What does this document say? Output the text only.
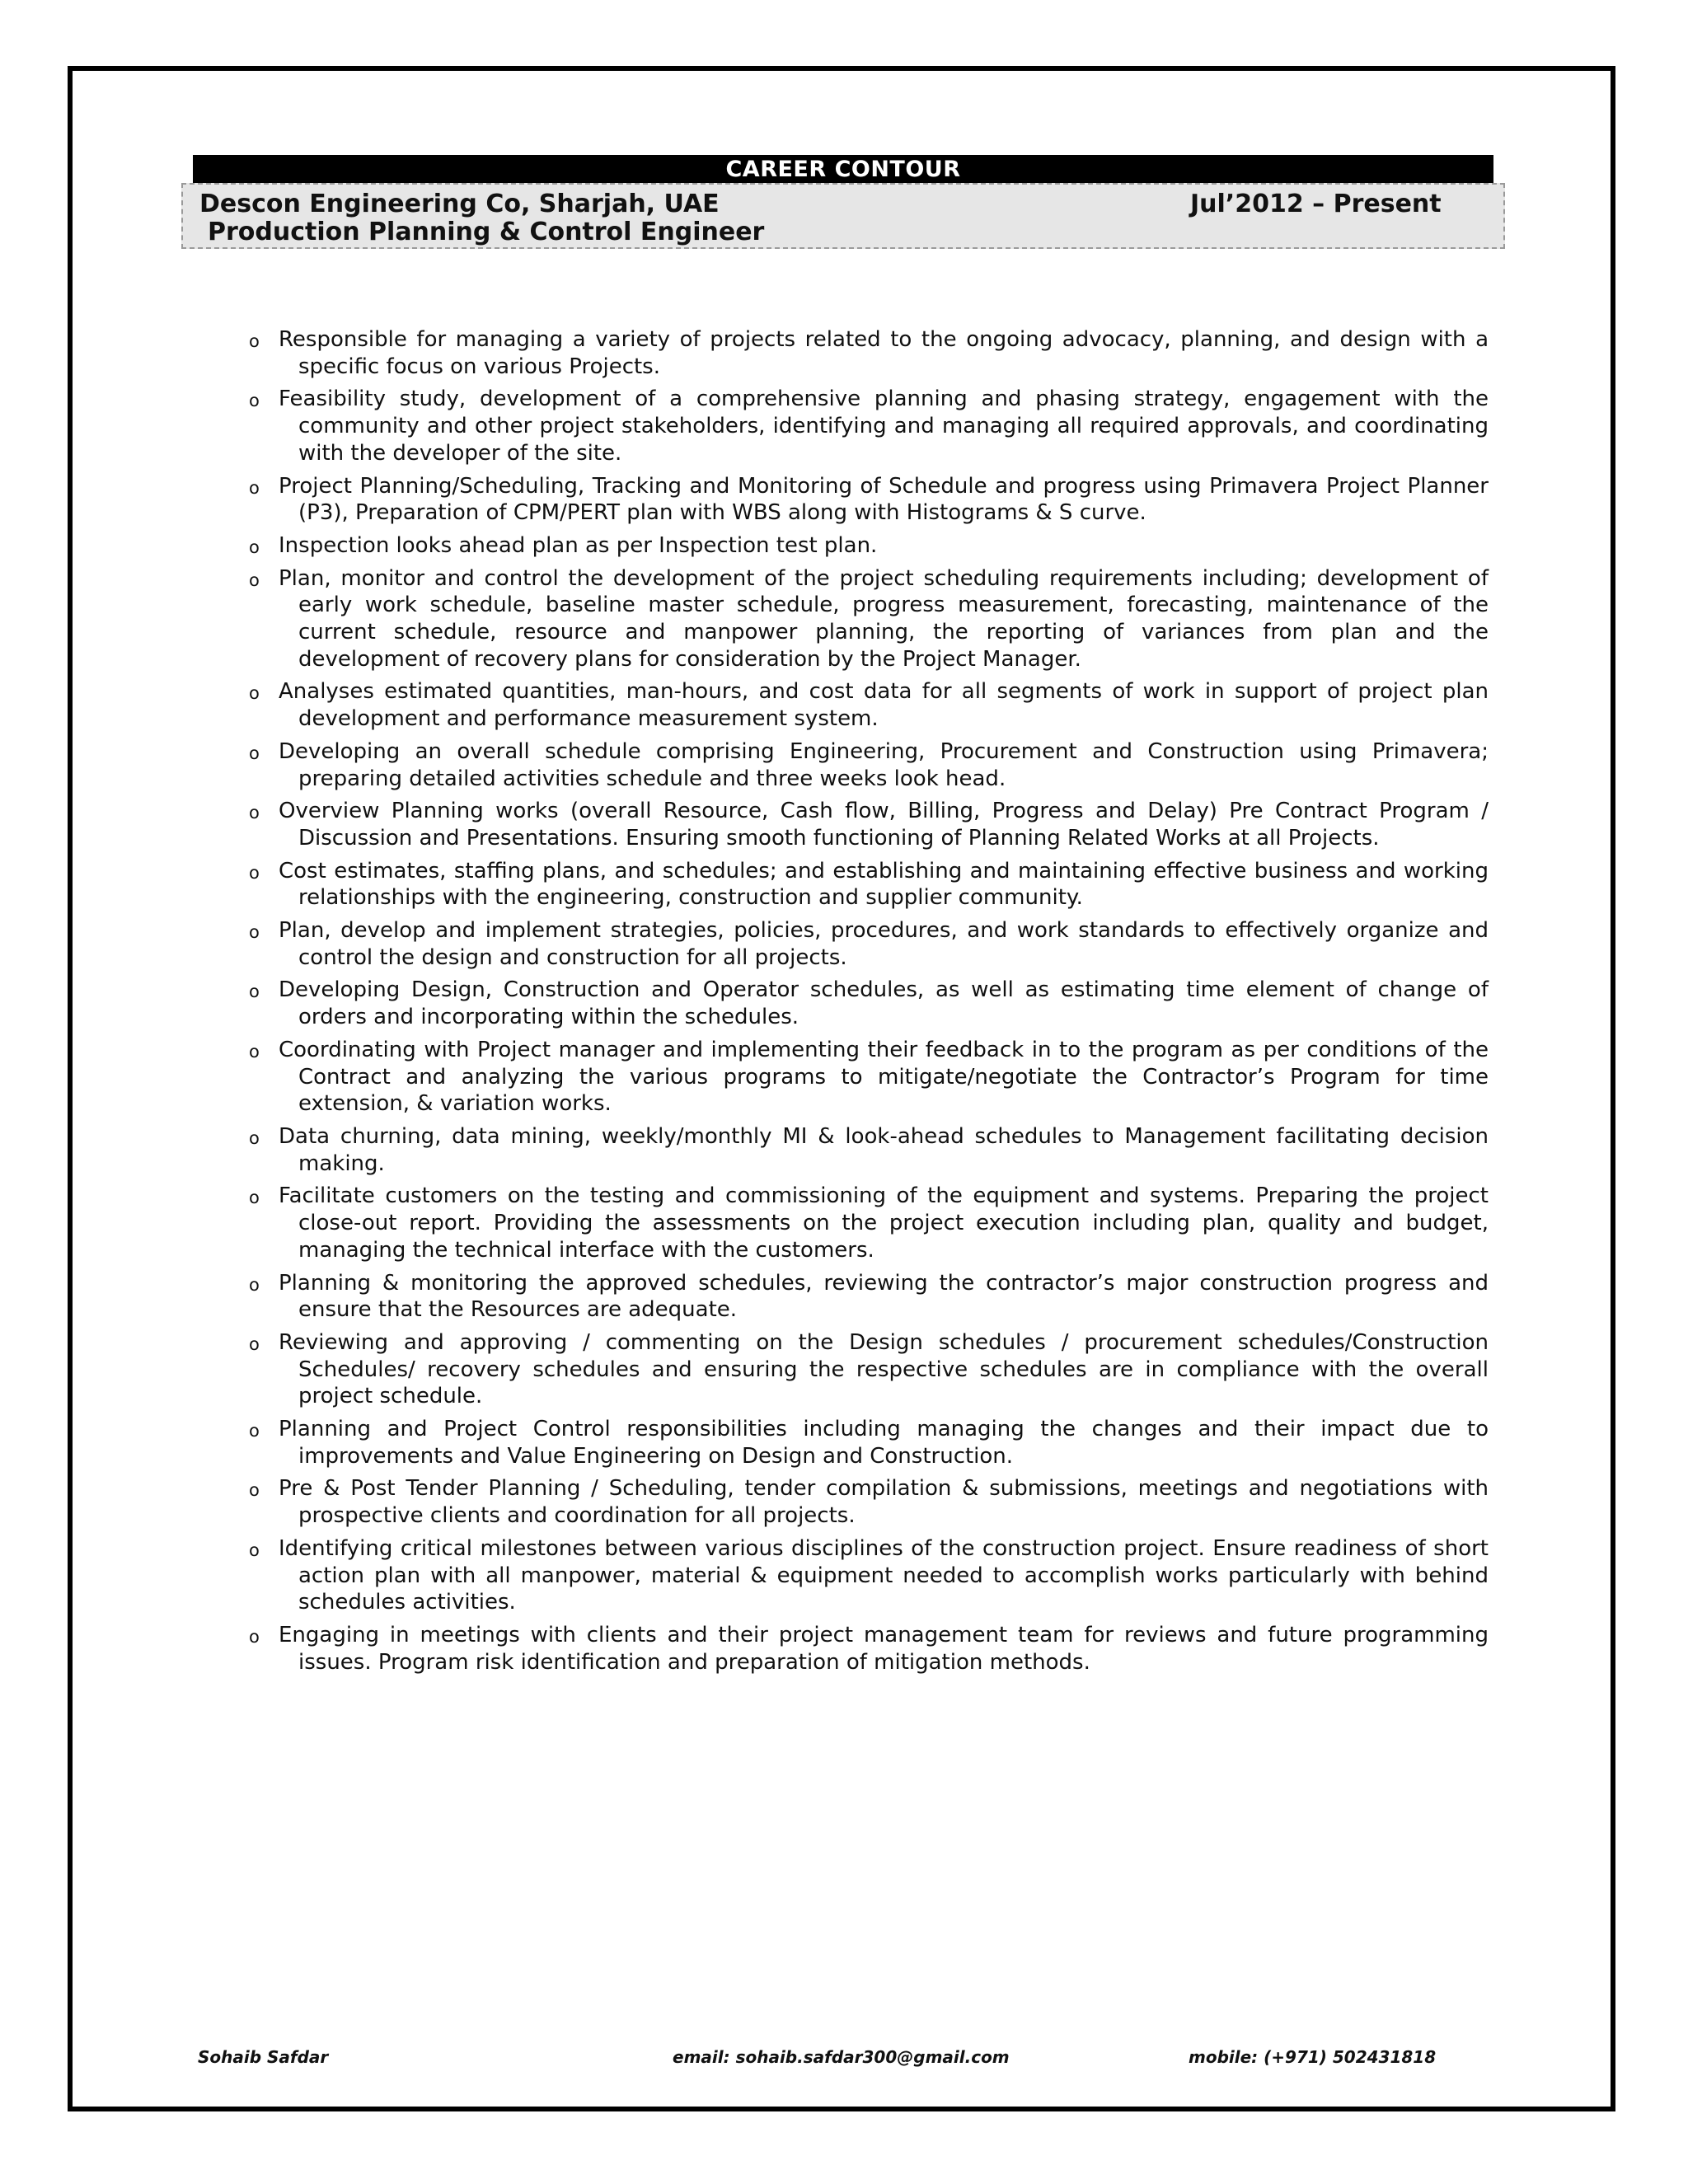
CAREER CONTOUR
Descon Engineering Co, Sharjah, UAE	Jul’2012 – Present
Production Planning & Control Engineer
o Responsible for managing a variety of projects related to the ongoing advocacy, planning, and design with a specific focus on various Projects.
o Feasibility study, development of a comprehensive planning and phasing strategy, engagement with the community and other project stakeholders, identifying and managing all required approvals, and coordinating with the developer of the site.
o Project Planning/Scheduling, Tracking and Monitoring of Schedule and progress using Primavera Project Planner (P3), Preparation of CPM/PERT plan with WBS along with Histograms & S curve.
o Inspection looks ahead plan as per Inspection test plan.
o Plan, monitor and control the development of the project scheduling requirements including; development of early work schedule, baseline master schedule, progress measurement, forecasting, maintenance of the current schedule, resource and manpower planning, the reporting of variances from plan and the development of recovery plans for consideration by the Project Manager.
o Analyses estimated quantities, man-hours, and cost data for all segments of work in support of project plan development and performance measurement system.
o Developing an overall schedule comprising Engineering, Procurement and Construction using Primavera; preparing detailed activities schedule and three weeks look head.
o Overview Planning works (overall Resource, Cash flow, Billing, Progress and Delay) Pre Contract Program / Discussion and Presentations. Ensuring smooth functioning of Planning Related Works at all Projects.
o Cost estimates, staffing plans, and schedules; and establishing and maintaining effective business and working relationships with the engineering, construction and supplier community.
o Plan, develop and implement strategies, policies, procedures, and work standards to effectively organize and control the design and construction for all projects.
o Developing Design, Construction and Operator schedules, as well as estimating time element of change of orders and incorporating within the schedules.
o Coordinating with Project manager and implementing their feedback in to the program as per conditions of the Contract and analyzing the various programs to mitigate/negotiate the Contractor’s Program for time extension, & variation works.
o Data churning, data mining, weekly/monthly MI & look-ahead schedules to Management facilitating decision making.
o Facilitate customers on the testing and commissioning of the equipment and systems. Preparing the project close-out report. Providing the assessments on the project execution including plan, quality and budget, managing the technical interface with the customers.
o Planning & monitoring the approved schedules, reviewing the contractor’s major construction progress and ensure that the Resources are adequate.
o Reviewing and approving / commenting on the Design schedules / procurement schedules/Construction Schedules/ recovery schedules and ensuring the respective schedules are in compliance with the overall project schedule.
o Planning and Project Control responsibilities including managing the changes and their impact due to improvements and Value Engineering on Design and Construction.
o Pre & Post Tender Planning / Scheduling, tender compilation & submissions, meetings and negotiations with prospective clients and coordination for all projects.
o Identifying critical milestones between various disciplines of the construction project. Ensure readiness of short action plan with all manpower, material & equipment needed to accomplish works particularly with behind schedules activities.
o Engaging in meetings with clients and their project management team for reviews and future programming issues. Program risk identification and preparation of mitigation methods.
Sohaib Safdar	email: sohaib.safdar300@gmail.com	mobile: (+971) 502431818
